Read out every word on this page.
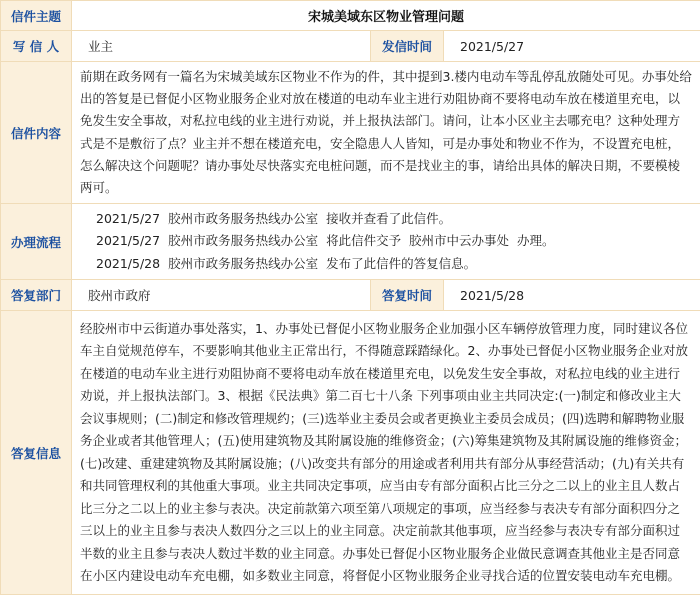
信件主题	宋城美域东区物业管理问题		
写 信 人	业主	发信时间	2021/5/27
信件内容	前期在政务网有一篇名为宋城美域东区物业不作为的件，其中提到3.楼内电动车等乱停乱放随处可见。办事处给出的答复是已督促小区物业服务企业对放在楼道的电动车业主进行劝阻协商不要将电动车放在楼道里充电，以免发生安全事故，对私拉电线的业主进行劝说，并上报执法部门。请问，让本小区业主去哪充电？这种处理方式是不是敷衍了点？业主并不想在楼道充电，安全隐患人人皆知，可是办事处和物业不作为，不设置充电桩，怎么解决这个问题呢？请办事处尽快落实充电桩问题，而不是找业主的事，请给出具体的解决日期，不要模棱两可。		
办理流程	2021/5/27 胶州市政务服务热线办公室 接收并查看了此信件。
2021/5/27 胶州市政务服务热线办公室 将此信件交予  胶州市中云办事处  办理。
2021/5/28 胶州市政务服务热线办公室 发布了此信件的答复信息。		

答复部门	胶州市政府	答复时间	2021/5/28
答复信息	经胶州市中云街道办事处落实，1、办事处已督促小区物业服务企业加强小区车辆停放管理力度，同时建议各位车主自觉规范停车，不要影响其他业主正常出行，不得随意踩踏绿化。2、办事处已督促小区物业服务企业对放在楼道的电动车业主进行劝阻协商不要将电动车放在楼道里充电，以免发生安全事故，对私拉电线的业主进行劝说，并上报执法部门。3、根据《民法典》第二百七十八条 下列事项由业主共同决定:(一)制定和修改业主大会议事规则；(二)制定和修改管理规约；(三)选举业主委员会或者更换业主委员会成员；(四)选聘和解聘物业服务企业或者其他管理人；(五)使用建筑物及其附属设施的维修资金；(六)筹集建筑物及其附属设施的维修资金；(七)改建、重建建筑物及其附属设施；(八)改变共有部分的用途或者利用共有部分从事经营活动；(九)有关共有和共同管理权利的其他重大事项。业主共同决定事项，应当由专有部分面积占比三分之二以上的业主且人数占比三分之二以上的业主参与表决。决定前款第六项至第八项规定的事项，应当经参与表决专有部分面积四分之三以上的业主且参与表决人数四分之三以上的业主同意。决定前款其他事项，应当经参与表决专有部分面积过半数的业主且参与表决人数过半数的业主同意。办事处已督促小区物业服务企业做民意调查其他业主是否同意在小区内建设电动车充电棚，如多数业主同意，将督促小区物业服务企业寻找合适的位置安装电动车充电棚。		
